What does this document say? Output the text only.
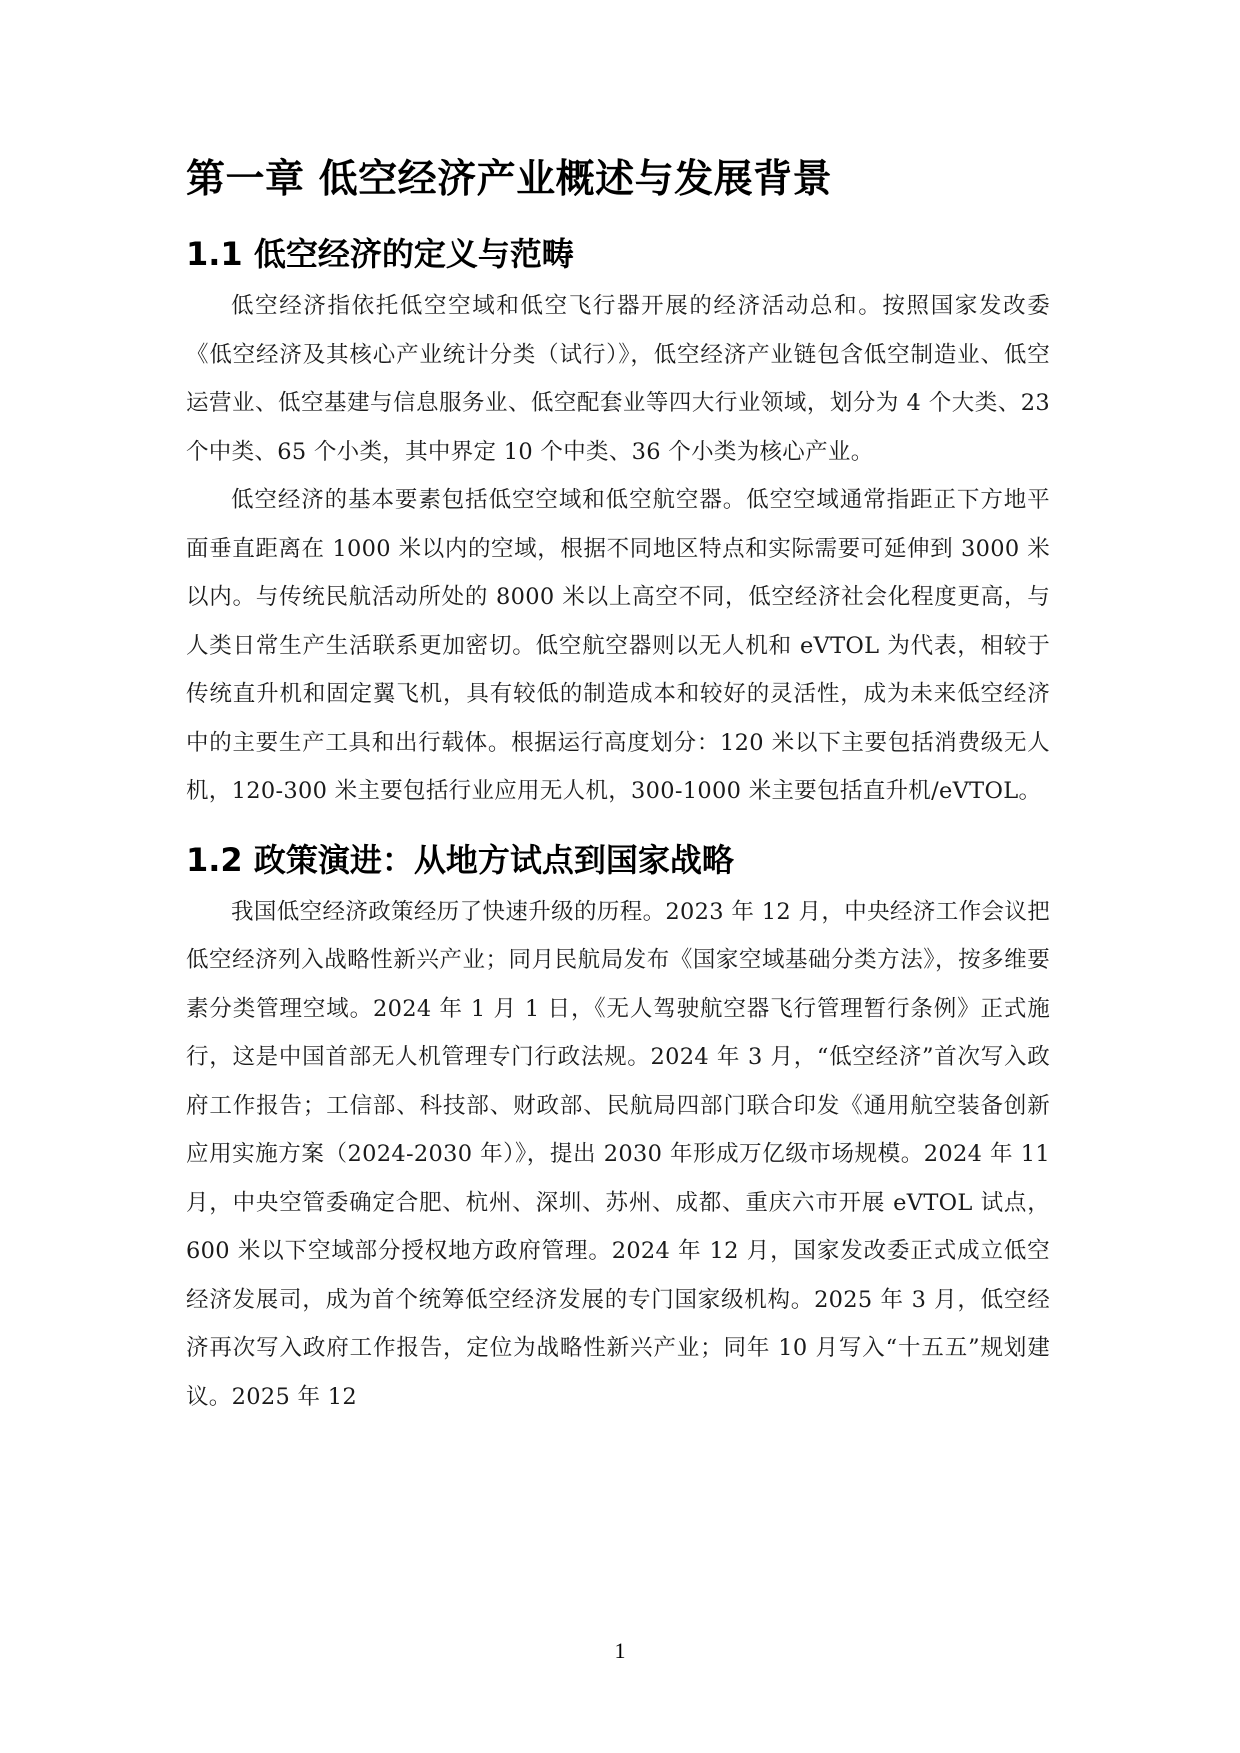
第一章 低空经济产业概述与发展背景
1.1 低空经济的定义与范畴

低空经济指依托低空空域和低空飞行器开展的经济活动总和。按照国家发改委《低空经济及其核心产业统计分类（试行）》，低空经济产业链包含低空制造业、低空运营业、低空基建与信息服务业、低空配套业等四大行业领域，划分为 4 个大类、23 个中类、65 个小类，其中界定 10 个中类、36 个小类为核心产业。

低空经济的基本要素包括低空空域和低空航空器。低空空域通常指距正下方地平面垂直距离在 1000 米以内的空域，根据不同地区特点和实际需要可延伸到 3000 米以内。与传统民航活动所处的 8000 米以上高空不同，低空经济社会化程度更高，与人类日常生产生活联系更加密切。低空航空器则以无人机和 eVTOL 为代表，相较于传统直升机和固定翼飞机，具有较低的制造成本和较好的灵活性，成为未来低空经济中的主要生产工具和出行载体。根据运行高度划分：120 米以下主要包括消费级无人机，120-300 米主要包括行业应用无人机，300-1000 米主要包括直升机/eVTOL。

1.2 政策演进：从地方试点到国家战略

我国低空经济政策经历了快速升级的历程。2023 年 12 月，中央经济工作会议把低空经济列入战略性新兴产业；同月民航局发布《国家空域基础分类方法》，按多维要素分类管理空域。2024 年 1 月 1 日，《无人驾驶航空器飞行管理暂行条例》正式施行，这是中国首部无人机管理专门行政法规。2024 年 3 月，“低空经济”首次写入政府工作报告；工信部、科技部、财政部、民航局四部门联合印发《通用航空装备创新应用实施方案（2024-2030 年）》，提出 2030 年形成万亿级市场规模。2024 年 11 月，中央空管委确定合肥、杭州、深圳、苏州、成都、重庆六市开展 eVTOL 试点，600 米以下空域部分授权地方政府管理。2024 年 12 月，国家发改委正式成立低空经济发展司，成为首个统筹低空经济发展的专门国家级机构。2025 年 3 月，低空经济再次写入政府工作报告，定位为战略性新兴产业；同年 10 月写入“十五五”规划建议。2025 年 12

1
